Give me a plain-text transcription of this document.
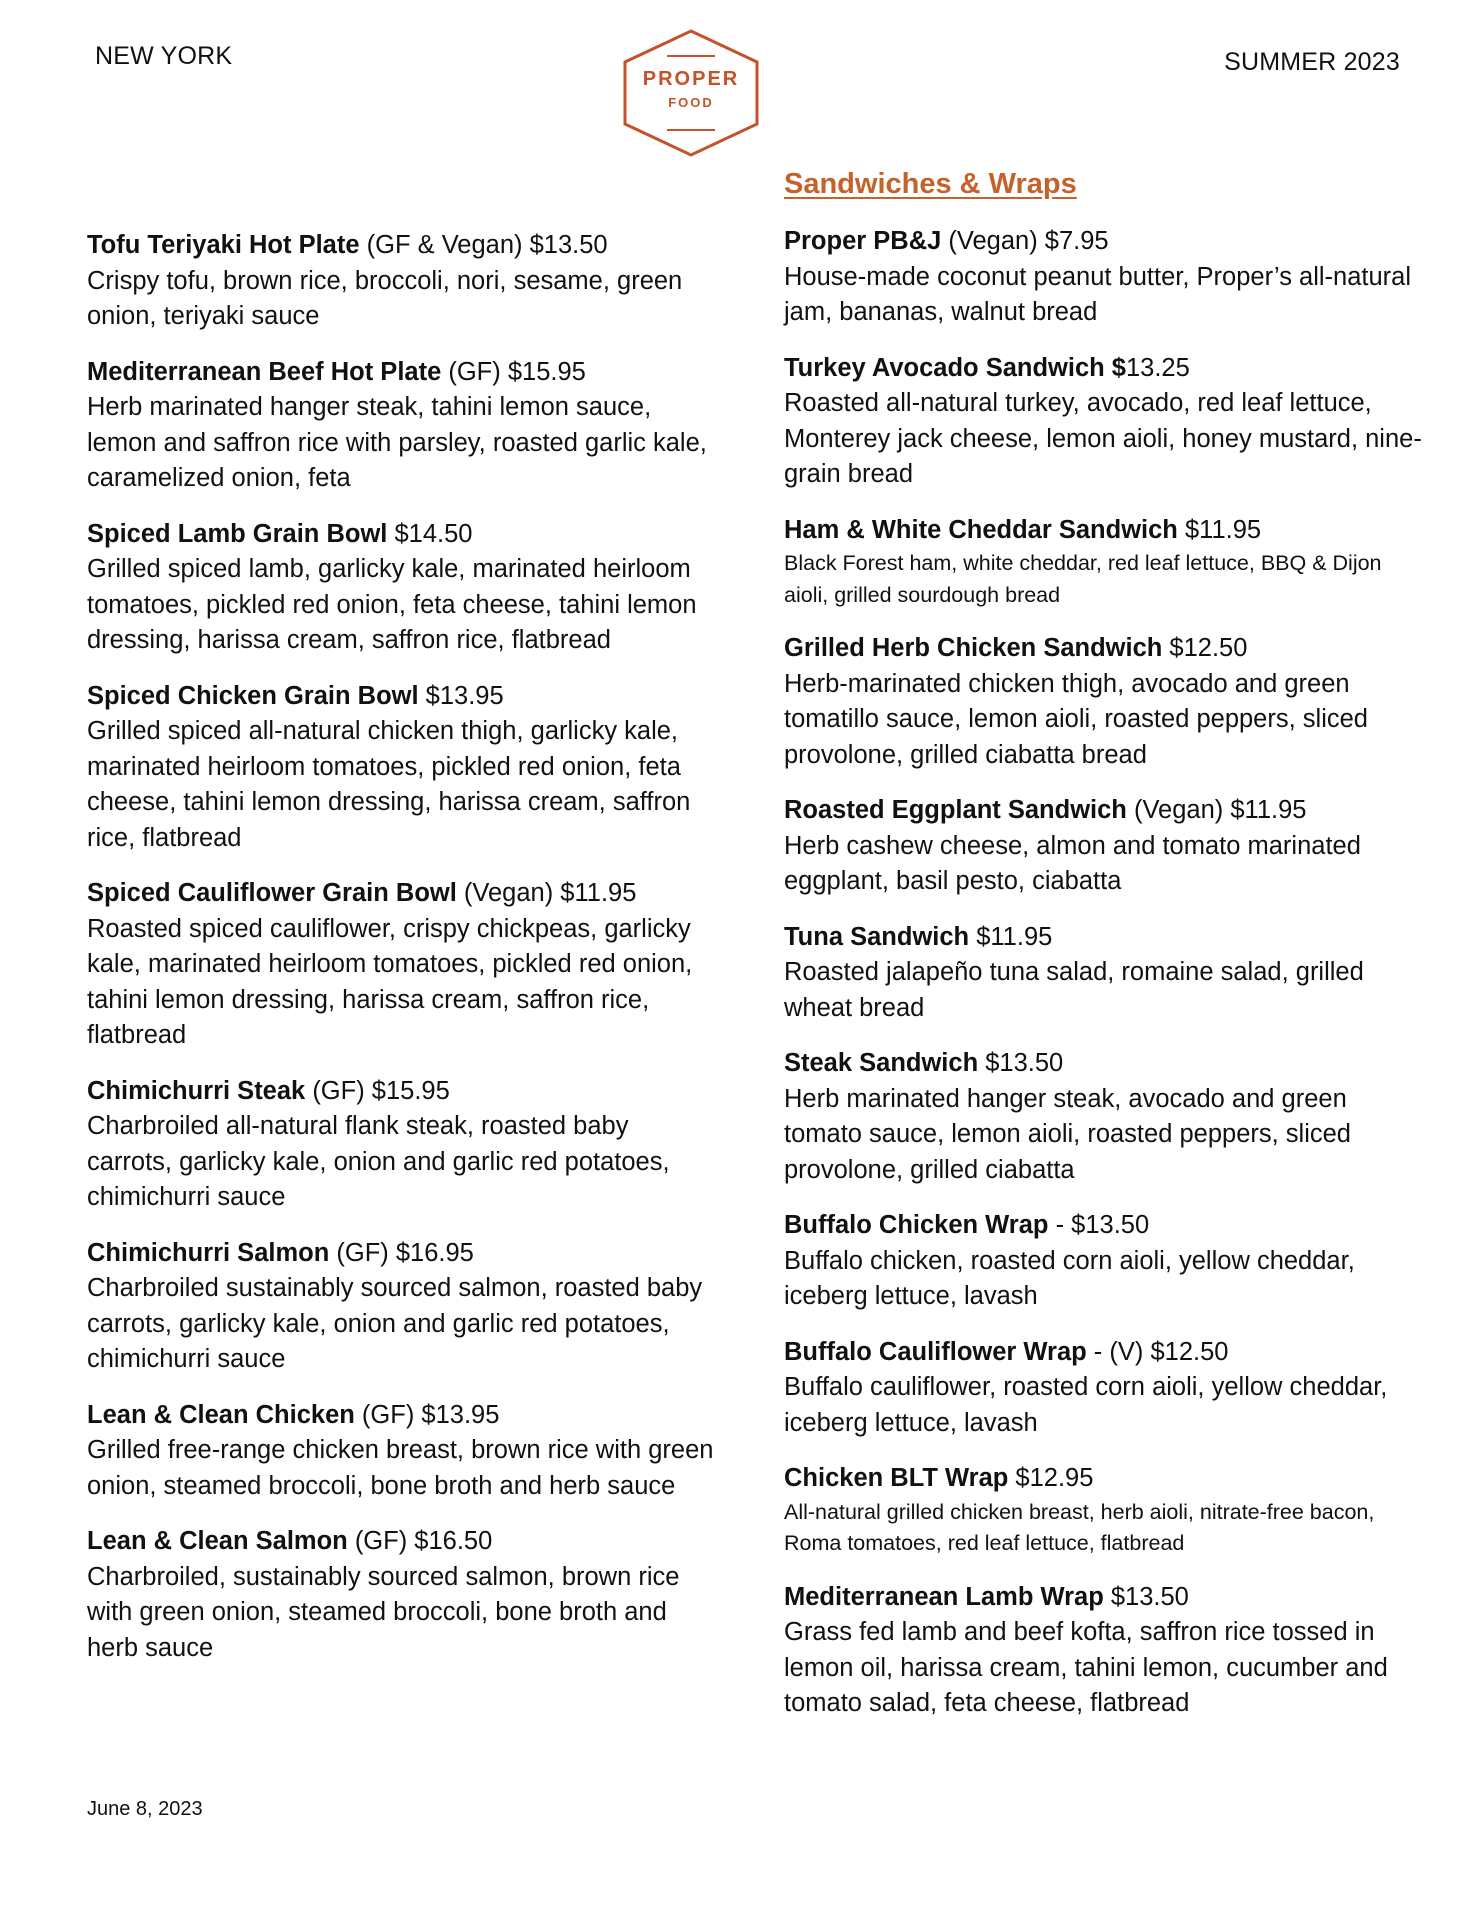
NEW YORK	SUMMER 2023
PROPER
FOOD
Tofu Teriyaki Hot Plate (GF & Vegan) $13.50
Crispy tofu, brown rice, broccoli, nori, sesame, green onion, teriyaki sauce
Mediterranean Beef Hot Plate (GF) $15.95
Herb marinated hanger steak, tahini lemon sauce, lemon and saffron rice with parsley, roasted garlic kale, caramelized onion, feta
Spiced Lamb Grain Bowl $14.50
Grilled spiced lamb, garlicky kale, marinated heirloom tomatoes, pickled red onion, feta cheese, tahini lemon dressing, harissa cream, saffron rice, flatbread
Spiced Chicken Grain Bowl $13.95
Grilled spiced all-natural chicken thigh, garlicky kale, marinated heirloom tomatoes, pickled red onion, feta cheese, tahini lemon dressing, harissa cream, saffron rice, flatbread
Spiced Cauliflower Grain Bowl (Vegan) $11.95
Roasted spiced cauliflower, crispy chickpeas, garlicky kale, marinated heirloom tomatoes, pickled red onion, tahini lemon dressing, harissa cream, saffron rice, flatbread
Chimichurri Steak (GF) $15.95
Charbroiled all-natural flank steak, roasted baby carrots, garlicky kale, onion and garlic red potatoes, chimichurri sauce
Chimichurri Salmon (GF) $16.95
Charbroiled sustainably sourced salmon, roasted baby carrots, garlicky kale, onion and garlic red potatoes, chimichurri sauce
Lean & Clean Chicken (GF) $13.95
Grilled free-range chicken breast, brown rice with green onion, steamed broccoli, bone broth and herb sauce
Lean & Clean Salmon (GF) $16.50
Charbroiled, sustainably sourced salmon, brown rice with green onion, steamed broccoli, bone broth and herb sauce
Sandwiches & Wraps
Proper PB&J (Vegan) $7.95
House-made coconut peanut butter, Proper’s all-natural jam, bananas, walnut bread
Turkey Avocado Sandwich $13.25
Roasted all-natural turkey, avocado, red leaf lettuce, Monterey jack cheese, lemon aioli, honey mustard, nine-grain bread
Ham & White Cheddar Sandwich $11.95
Black Forest ham, white cheddar, red leaf lettuce, BBQ & Dijon aioli, grilled sourdough bread
Grilled Herb Chicken Sandwich $12.50
Herb-marinated chicken thigh, avocado and green tomatillo sauce, lemon aioli, roasted peppers, sliced provolone, grilled ciabatta bread
Roasted Eggplant Sandwich (Vegan) $11.95
Herb cashew cheese, almon and tomato marinated eggplant, basil pesto, ciabatta
Tuna Sandwich $11.95
Roasted jalapeño tuna salad, romaine salad, grilled wheat bread
Steak Sandwich $13.50
Herb marinated hanger steak, avocado and green tomato sauce, lemon aioli, roasted peppers, sliced provolone, grilled ciabatta
Buffalo Chicken Wrap - $13.50
Buffalo chicken, roasted corn aioli, yellow cheddar, iceberg lettuce, lavash
Buffalo Cauliflower Wrap - (V) $12.50
Buffalo cauliflower, roasted corn aioli, yellow cheddar, iceberg lettuce, lavash
Chicken BLT Wrap $12.95
All-natural grilled chicken breast, herb aioli, nitrate-free bacon, Roma tomatoes, red leaf lettuce, flatbread
Mediterranean Lamb Wrap $13.50
Grass fed lamb and beef kofta, saffron rice tossed in lemon oil, harissa cream, tahini lemon, cucumber and tomato salad, feta cheese, flatbread
June 8, 2023
